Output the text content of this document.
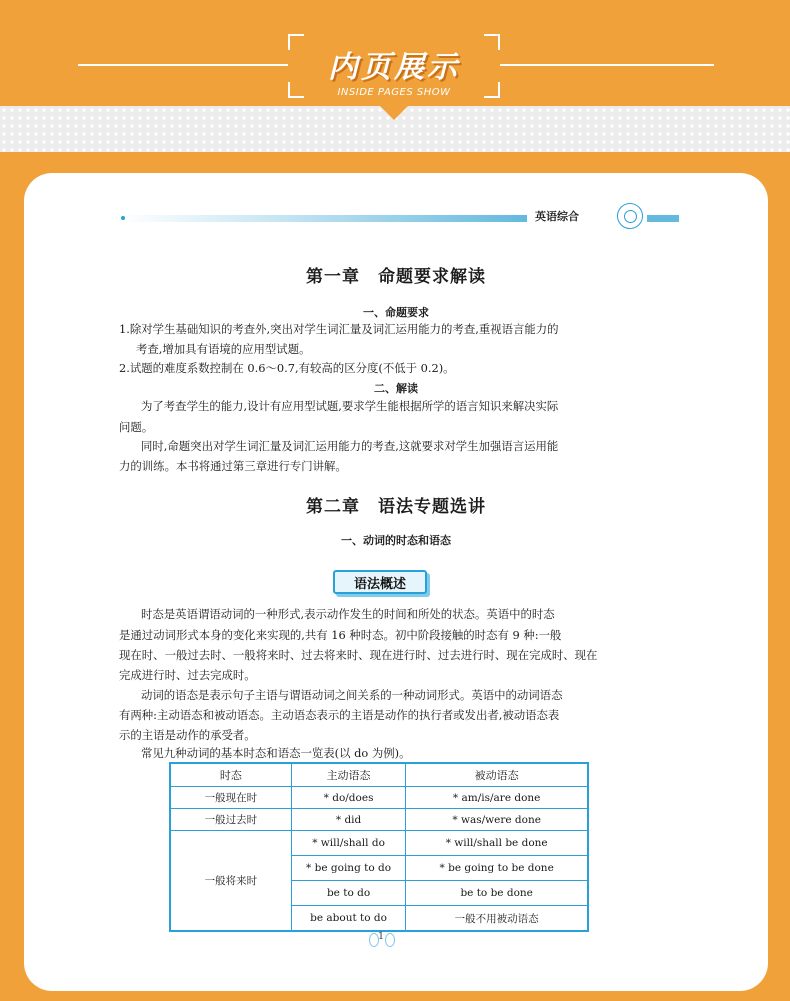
内页展示
INSIDE PAGES SHOW
英语综合
第一章　命题要求解读
一、命题要求
1.除对学生基础知识的考查外,突出对学生词汇量及词汇运用能力的考查,重视语言能力的
考查,增加具有语境的应用型试题。
2.试题的难度系数控制在 0.6～0.7,有较高的区分度(不低于 0.2)。
二、解读
为了考查学生的能力,设计有应用型试题,要求学生能根据所学的语言知识来解决实际
问题。
同时,命题突出对学生词汇量及词汇运用能力的考查,这就要求对学生加强语言运用能
力的训练。本书将通过第三章进行专门讲解。
第二章　语法专题选讲
一、动词的时态和语态
语法概述
时态是英语谓语动词的一种形式,表示动作发生的时间和所处的状态。英语中的时态
是通过动词形式本身的变化来实现的,共有 16 种时态。初中阶段接触的时态有 9 种:一般
现在时、一般过去时、一般将来时、过去将来时、现在进行时、过去进行时、现在完成时、现在
完成进行时、过去完成时。
动词的语态是表示句子主语与谓语动词之间关系的一种动词形式。英语中的动词语态
有两种:主动语态和被动语态。主动语态表示的主语是动作的执行者或发出者,被动语态表
示的主语是动作的承受者。
常见九种动词的基本时态和语态一览表(以 do 为例)。
时态	主动语态	被动语态
一般现在时	* do/does	* am/is/are done
一般过去时	* did	* was/were done
一般将来时	* will/shall do	* will/shall be done
	* be going to do	* be going to be done
	be to do	be to be done
	be about to do	一般不用被动语态
1
